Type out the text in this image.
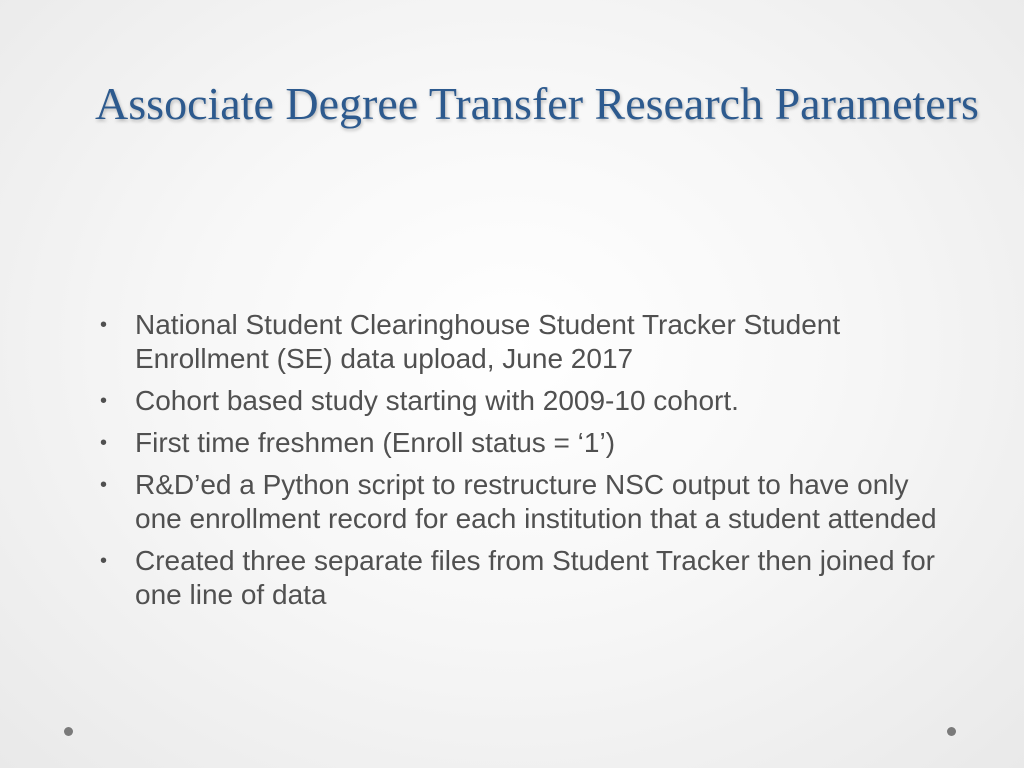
Associate Degree Transfer Research Parameters
• National Student Clearinghouse Student Tracker Student Enrollment (SE) data upload, June 2017
• Cohort based study starting with 2009-10 cohort.
• First time freshmen (Enroll status = ‘1’)
• R&D’ed a Python script to restructure NSC output to have only one enrollment record for each institution that a student attended
• Created three separate files from Student Tracker then joined for one line of data
